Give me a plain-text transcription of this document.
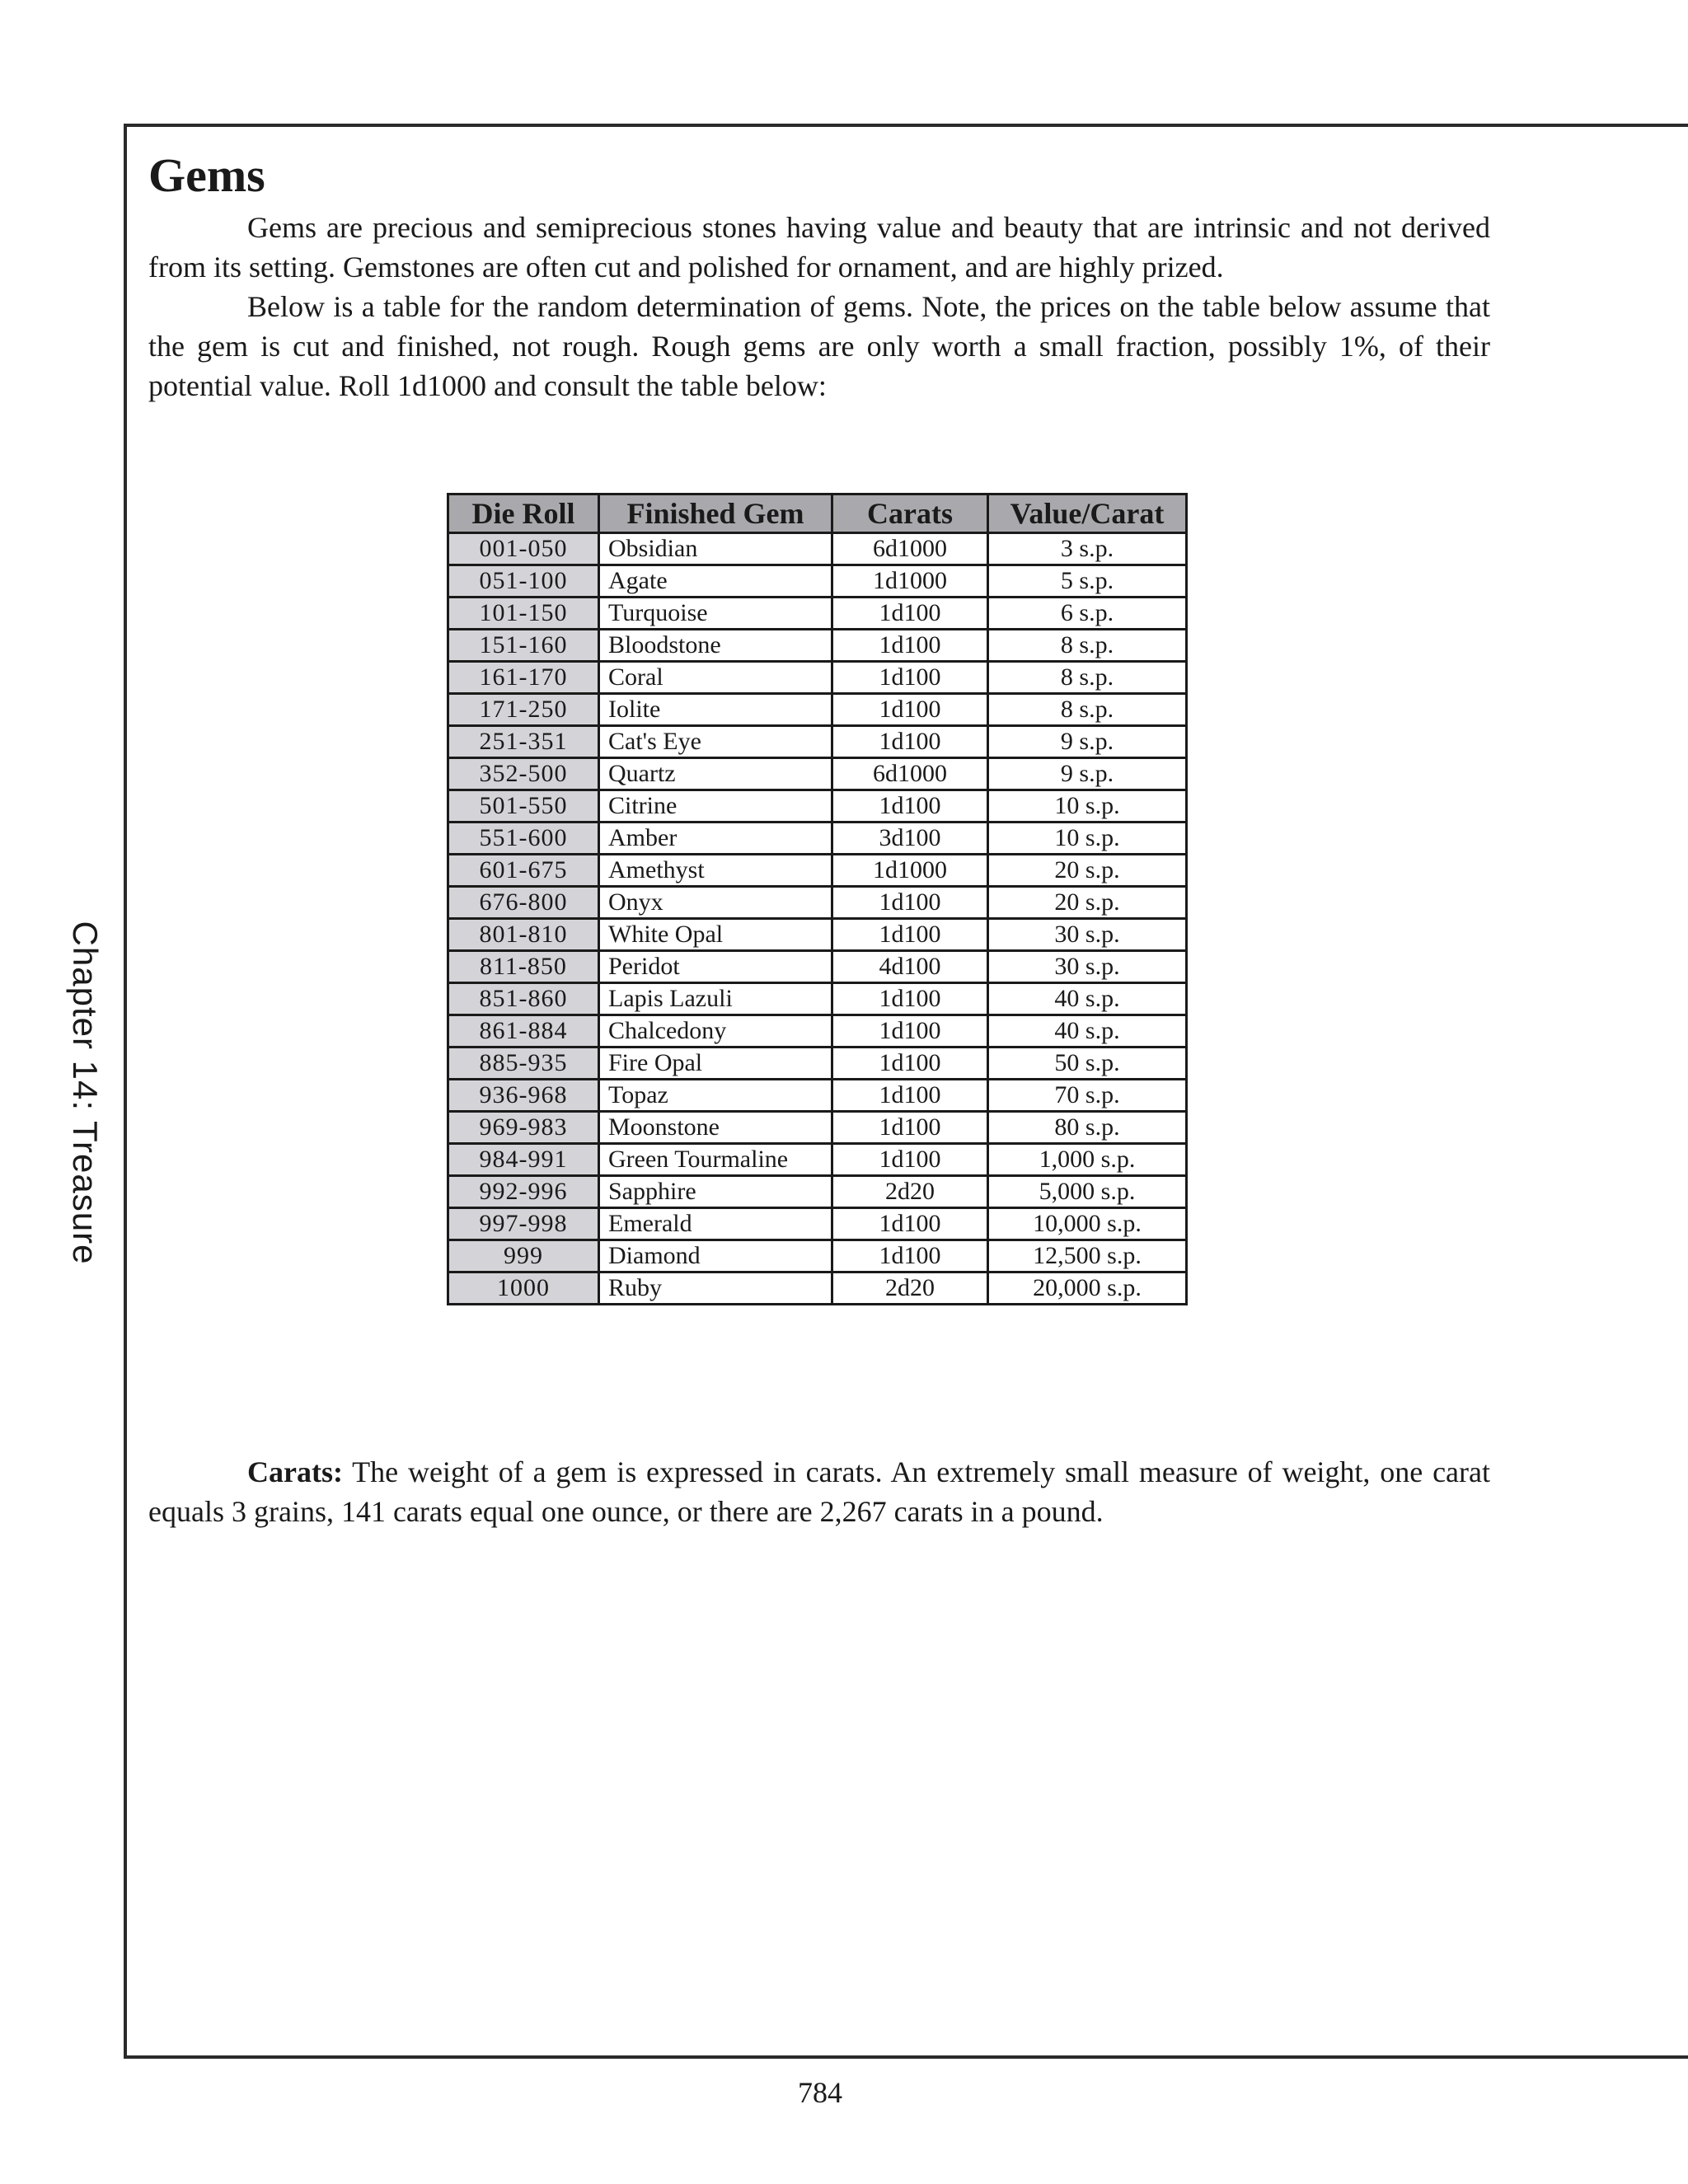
Chapter 14: Treasure
Gems

Gems are precious and semiprecious stones having value and beauty that are intrinsic and not derived from its setting. Gemstones are often cut and polished for ornament, and are highly prized.

Below is a table for the random determination of gems. Note, the prices on the table below assume that the gem is cut and finished, not rough. Rough gems are only worth a small fraction, possibly 1%, of their potential value. Roll 1d1000 and consult the table below:

Die Roll	Finished Gem	Carats	Value/Carat
001-050	Obsidian	6d1000	3 s.p.
051-100	Agate	1d1000	5 s.p.
101-150	Turquoise	1d100	6 s.p.
151-160	Bloodstone	1d100	8 s.p.
161-170	Coral	1d100	8 s.p.
171-250	Iolite	1d100	8 s.p.
251-351	Cat's Eye	1d100	9 s.p.
352-500	Quartz	6d1000	9 s.p.
501-550	Citrine	1d100	10 s.p.
551-600	Amber	3d100	10 s.p.
601-675	Amethyst	1d1000	20 s.p.
676-800	Onyx	1d100	20 s.p.
801-810	White Opal	1d100	30 s.p.
811-850	Peridot	4d100	30 s.p.
851-860	Lapis Lazuli	1d100	40 s.p.
861-884	Chalcedony	1d100	40 s.p.
885-935	Fire Opal	1d100	50 s.p.
936-968	Topaz	1d100	70 s.p.
969-983	Moonstone	1d100	80 s.p.
984-991	Green Tourmaline	1d100	1,000 s.p.
992-996	Sapphire	2d20	5,000 s.p.
997-998	Emerald	1d100	10,000 s.p.
999	Diamond	1d100	12,500 s.p.
1000	Ruby	2d20	20,000 s.p.

Carats: The weight of a gem is expressed in carats. An extremely small measure of weight, one carat equals 3 grains, 141 carats equal one ounce, or there are 2,267 carats in a pound.

784
